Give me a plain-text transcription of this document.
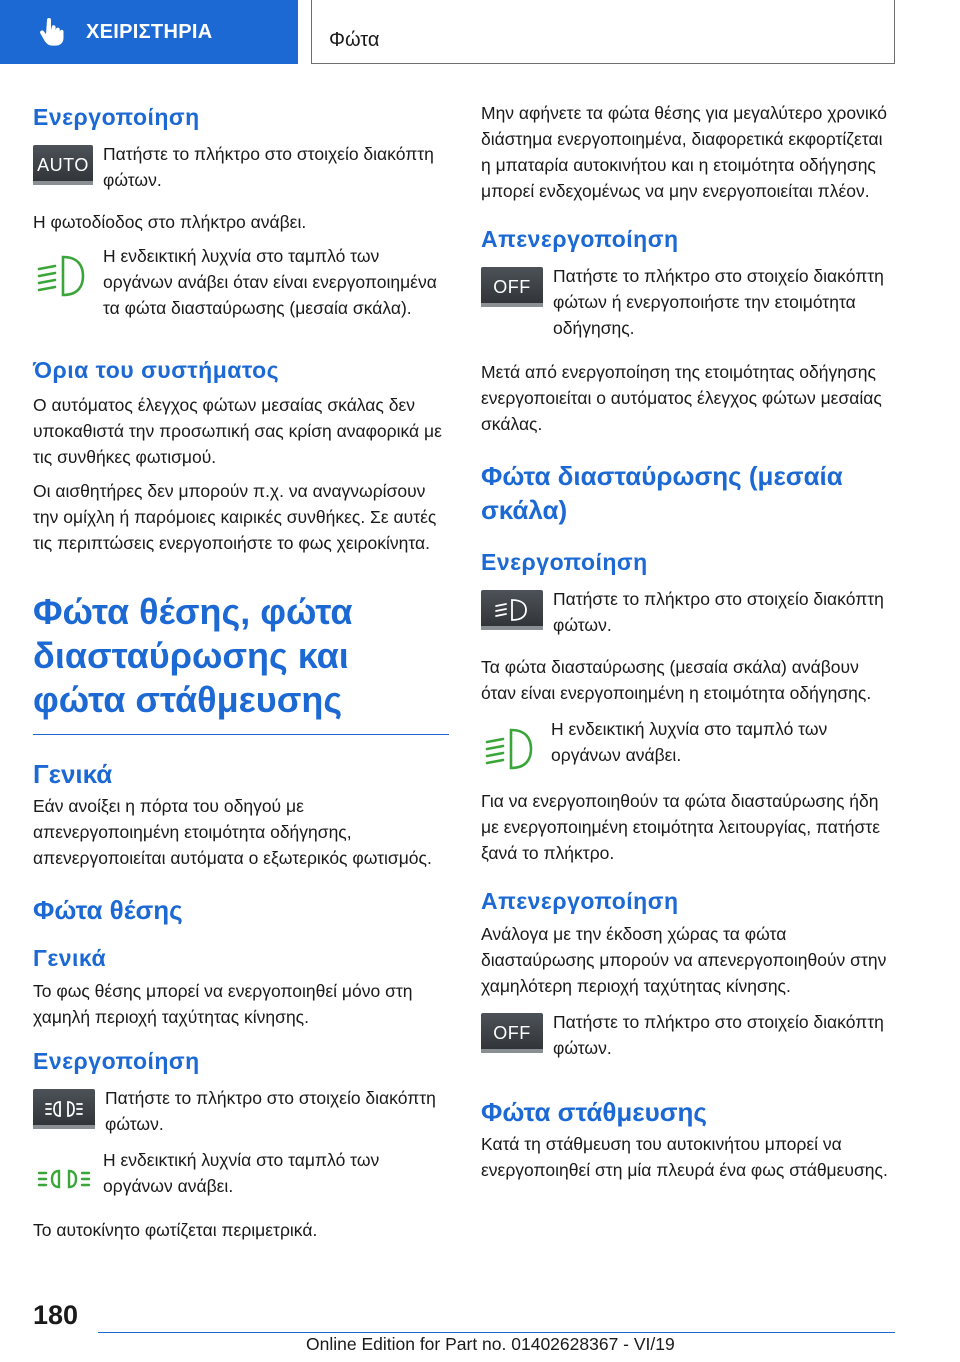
ΧΕΙΡΙΣΤΗΡΙΑ	Φώτα
Ενεργοποίηση
AUTO

Πατήστε το πλήκτρο στο στοιχείο διακόπτη φώτων.

Η φωτοδίοδος στο πλήκτρο ανάβει.

Η ενδεικτική λυχνία στο ταμπλό των οργάνων ανάβει όταν είναι ενεργοποιημένα τα φώτα διασταύρωσης (μεσαία σκάλα).

Όρια του συστήματος

Ο αυτόματος έλεγχος φώτων μεσαίας σκάλας δεν υποκαθιστά την προσωπική σας κρίση αναφορικά με τις συνθήκες φωτισμού.

Οι αισθητήρες δεν μπορούν π.χ. να αναγνωρίσουν την ομίχλη ή παρόμοιες καιρικές συνθήκες. Σε αυτές τις περιπτώσεις ενεργοποιήστε το φως χειροκίνητα.

Φώτα θέσης, φώτα διασταύρωσης και φώτα στάθμευσης
Γενικά

Εάν ανοίξει η πόρτα του οδηγού με απενεργοποιημένη ετοιμότητα οδήγησης, απενεργοποιείται αυτόματα ο εξωτερικός φωτισμός.

Φώτα θέσης
Γενικά

Το φως θέσης μπορεί να ενεργοποιηθεί μόνο στη χαμηλή περιοχή ταχύτητας κίνησης.

Ενεργοποίηση

Πατήστε το πλήκτρο στο στοιχείο διακόπτη φώτων.

Η ενδεικτική λυχνία στο ταμπλό των οργάνων ανάβει.

Το αυτοκίνητο φωτίζεται περιμετρικά.

Μην αφήνετε τα φώτα θέσης για μεγαλύτερο χρονικό διάστημα ενεργοποιημένα, διαφορετικά εκφορτίζεται η μπαταρία αυτοκινήτου και η ετοιμότητα οδήγησης μπορεί ενδεχομένως να μην ενεργοποιείται πλέον.

Απενεργοποίηση
OFF

Πατήστε το πλήκτρο στο στοιχείο διακόπτη φώτων ή ενεργοποιήστε την ετοιμότητα οδήγησης.

Μετά από ενεργοποίηση της ετοιμότητας οδήγησης ενεργοποιείται ο αυτόματος έλεγχος φώτων μεσαίας σκάλας.

Φώτα διασταύρωσης (μεσαία σκάλα)
Ενεργοποίηση

Πατήστε το πλήκτρο στο στοιχείο διακόπτη φώτων.

Τα φώτα διασταύρωσης (μεσαία σκάλα) ανάβουν όταν είναι ενεργοποιημένη η ετοιμότητα οδήγησης.

Η ενδεικτική λυχνία στο ταμπλό των οργάνων ανάβει.

Για να ενεργοποιηθούν τα φώτα διασταύρωσης ήδη με ενεργοποιημένη ετοιμότητα λειτουργίας, πατήστε ξανά το πλήκτρο.

Απενεργοποίηση

Ανάλογα με την έκδοση χώρας τα φώτα διασταύρωσης μπορούν να απενεργοποιηθούν στην χαμηλότερη περιοχή ταχύτητας κίνησης.

OFF

Πατήστε το πλήκτρο στο στοιχείο διακόπτη φώτων.

Φώτα στάθμευσης

Κατά τη στάθμευση του αυτοκινήτου μπορεί να ενεργοποιηθεί στη μία πλευρά ένα φως στάθμευσης.

180
Online Edition for Part no. 01402628367 - VI/19
